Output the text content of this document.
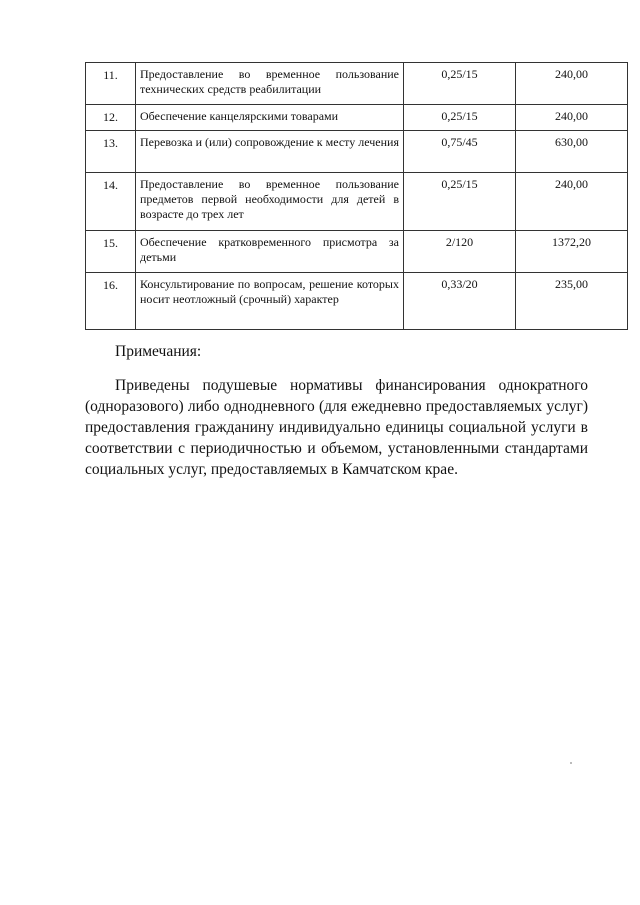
11.	Предоставление во временное пользование технических средств реабилитации	0,25/15	240,00
12.	Обеспечение канцелярскими товарами	0,25/15	240,00
13.	Перевозка и (или) сопровождение к месту лечения	0,75/45	630,00
14.	Предоставление во временное пользование предметов первой необходимости для детей в возрасте до трех лет	0,25/15	240,00
15.	Обеспечение кратковременного присмотра за детьми	2/120	1372,20
16.	Консультирование по вопросам, решение которых носит неотложный (срочный) характер	0,33/20	235,00
Примечания:

Приведены подушевые нормативы финансирования однократного (одноразового) либо однодневного (для ежедневно предоставляемых услуг) предоставления гражданину индивидуально единицы социальной услуги в соответствии с периодичностью и объемом, установленными стандартами социальных услуг, предоставляемых в Камчатском крае.
